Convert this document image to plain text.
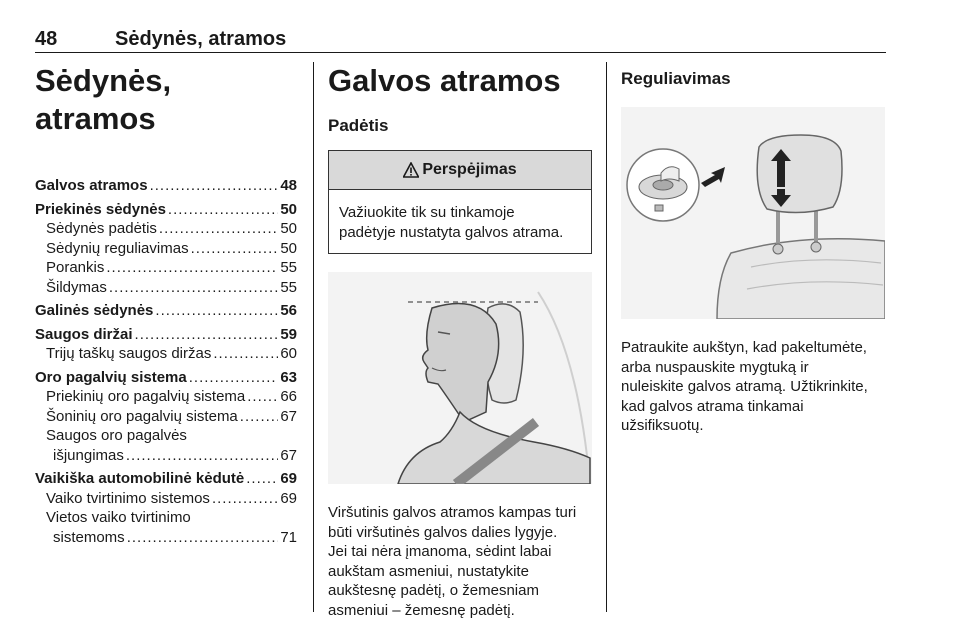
48	Sėdynės, atramos
Sėdynės, atramos
Galvos atramos .....	48
Priekinės sėdynės .....	50
Sėdynės padėtis .....	50
Sėdynių reguliavimas .....	50
Porankis .....	55
Šildymas .....	55
Galinės sėdynės .....	56
Saugos diržai .....	59
Trijų taškų saugos diržas .....	60
Oro pagalvių sistema .....	63
Priekinių oro pagalvių sistema ..... 66
Šoninių oro pagalvių sistema .....	67
Saugos oro pagalvės
išjungimas .....	67
Vaikiška automobilinė kėdutė ..... 69
Vaiko tvirtinimo sistemos .....	69
Vietos vaiko tvirtinimo
sistemoms .....	71
Galvos atramos
Padėtis
Perspėjimas
Važiuokite tik su tinkamoje
padėtyje nustatyta galvos atrama.

Viršutinis galvos atramos kampas turi

būti viršutinės galvos dalies lygyje.

Jei tai nėra įmanoma, sėdint labai

aukštam asmeniui, nustatykite

aukštesnę padėtį, o žemesniam

asmeniui – žemesnę padėtį.

Reguliavimas

Patraukite aukštyn, kad pakeltumėte,

arba nuspauskite mygtuką ir

nuleiskite galvos atramą. Užtikrinkite,

kad galvos atrama tinkamai

užsifiksuotų.
